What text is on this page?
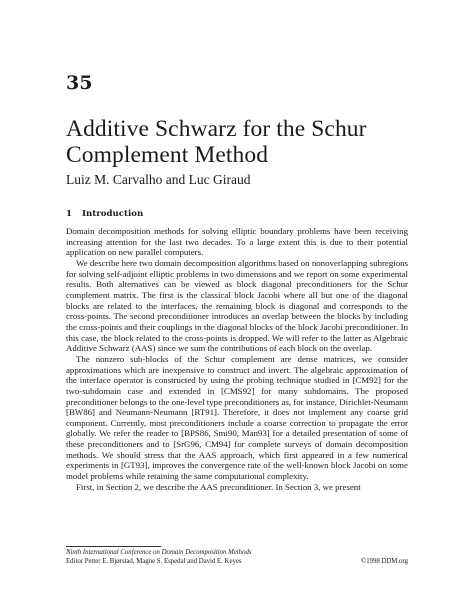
35
Additive Schwarz for the Schur
Complement Method
Luiz M. Carvalho and Luc Giraud
1 Introduction

Domain decomposition methods for solving elliptic boundary problems have been receiving increasing attention for the last two decades. To a large extent this is due to their potential application on new parallel computers.

We describe here two domain decomposition algorithms based on nonoverlapping subregions for solving self-adjoint elliptic problems in two dimensions and we report on some experimental results. Both alternatives can be viewed as block diagonal preconditioners for the Schur complement matrix. The first is the classical block Jacobi where all but one of the diagonal blocks are related to the interfaces, the remaining block is diagonal and corresponds to the cross-points. The second preconditioner introduces an overlap between the blocks by including the cross-points and their couplings in the diagonal blocks of the block Jacobi preconditioner. In this case, the block related to the cross-points is dropped. We will refer to the latter as Algebraic Additive Schwarz (AAS) since we sum the contributions of each block on the overlap.

The nonzero sub-blocks of the Schur complement are dense matrices, we consider approximations which are inexpensive to construct and invert. The algebraic approximation of the interface operator is constructed by using the probing technique studied in [CM92] for the two-subdomain case and extended in [CMS92] for many subdomains. The proposed preconditioner belongs to the one-level type preconditioners as, for instance, Dirichlet-Neumann [BW86] and Neumann-Neumann [RT91]. Therefore, it does not implement any coarse grid component. Currently, most preconditioners include a coarse correction to propagate the error globally. We refer the reader to [BPS86, Smi90, Man93] for a detailed presentation of some of these preconditioners and to [SrG96, CM94] for complete surveys of domain decomposition methods. We should stress that the AAS approach, which first appeared in a few numerical experiments in [GT93], improves the convergence rate of the well-known block Jacobi on some model problems while retaining the same computational complexity.

First, in Section 2, we describe the AAS preconditioner. In Section 3, we present

Ninth International Conference on Domain Decomposition Methods
Editor Petter E. Bjørstad, Magne S. Espedal and David E. Keyes	©1998 DDM.org
